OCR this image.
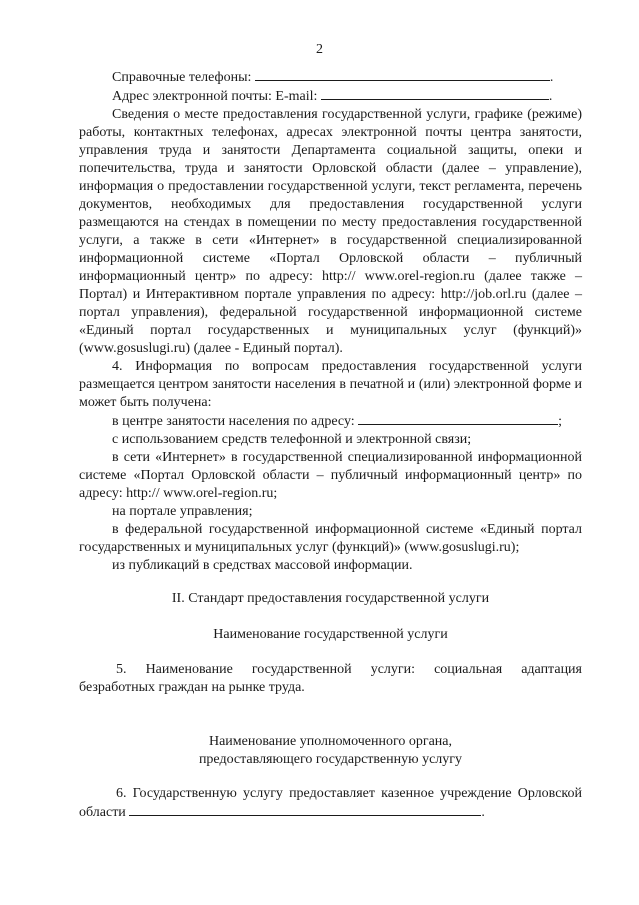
2

Справочные телефоны:	.

Адрес электронной почты: E-mail:	.

Сведения о месте предоставления государственной услуги, графике (режиме) работы, контактных телефонах, адресах электронной почты центра занятости, управления труда и занятости Департамента социальной защиты, опеки и попечительства, труда и занятости Орловской области (далее – управление), информация о предоставлении государственной услуги, текст регламента, перечень документов, необходимых для предоставления государственной услуги размещаются на стендах в помещении по месту предоставления государственной услуги, а также в сети «Интернет» в государственной специализированной информационной системе «Портал Орловской области – публичный информационный центр» по адресу: http:// www.orel-region.ru (далее также – Портал) и Интерактивном портале управления по адресу: http://job.orl.ru (далее – портал управления), федеральной государственной информационной системе «Единый портал государственных и муниципальных услуг (функций)» (www.gosuslugi.ru) (далее - Единый портал).

4. Информация по вопросам предоставления государственной услуги размещается центром занятости населения в печатной и (или) электронной форме и может быть получена:

в центре занятости населения по адресу:	;

с использованием средств телефонной и электронной связи;

в сети «Интернет» в государственной специализированной информационной системе «Портал Орловской области – публичный информационный центр» по адресу: http:// www.orel-region.ru;

на портале управления;

в федеральной государственной информационной системе «Единый портал государственных и муниципальных услуг (функций)» (www.gosuslugi.ru);

из публикаций в средствах массовой информации.

II. Стандарт предоставления государственной услуги

Наименование государственной услуги

5. Наименование государственной услуги: социальная адаптация безработных граждан на рынке труда.

Наименование уполномоченного органа,

предоставляющего государственную услугу

6. Государственную услугу предоставляет казенное учреждение Орловской области	.
